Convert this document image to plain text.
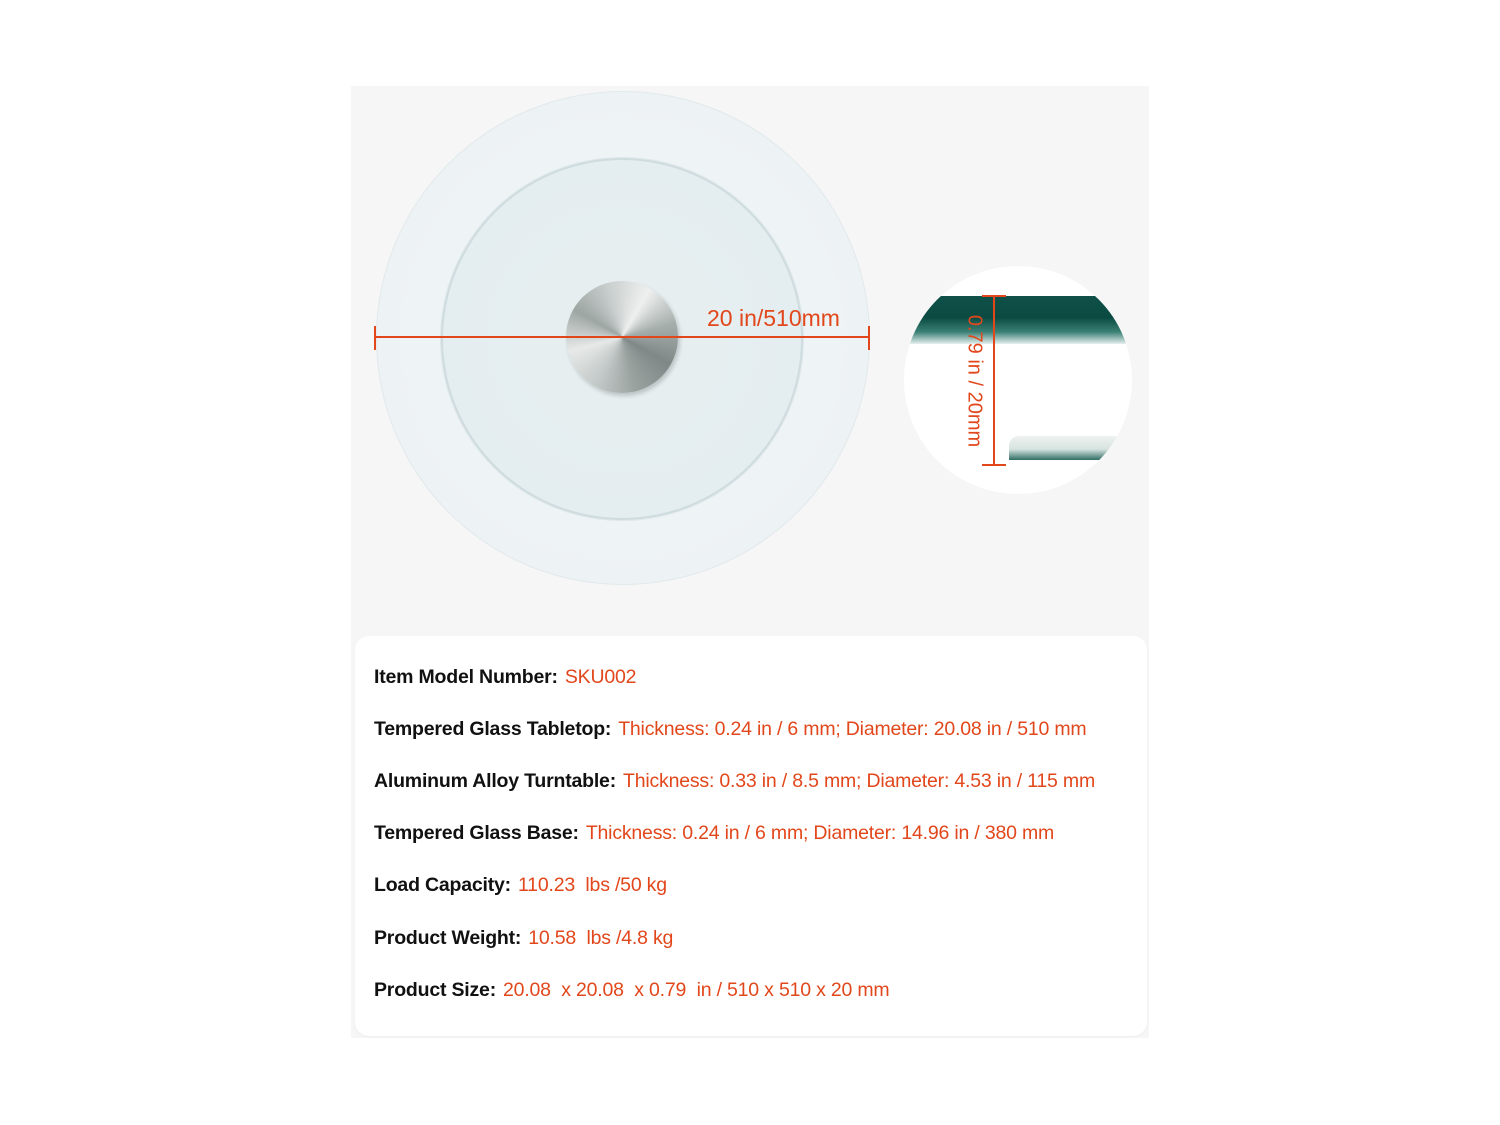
20 in/510mm	0.79 in / 20mm
Item Model Number: SKU002
Tempered Glass Tabletop: Thickness: 0.24 in / 6 mm; Diameter: 20.08 in / 510 mm
Aluminum Alloy Turntable: Thickness: 0.33 in / 8.5 mm; Diameter: 4.53 in / 115 mm
Tempered Glass Base: Thickness: 0.24 in / 6 mm; Diameter: 14.96 in / 380 mm
Load Capacity: 110.23  lbs /50 kg
Product Weight: 10.58  lbs /4.8 kg
Product Size: 20.08  x 20.08  x 0.79  in / 510 x 510 x 20 mm
